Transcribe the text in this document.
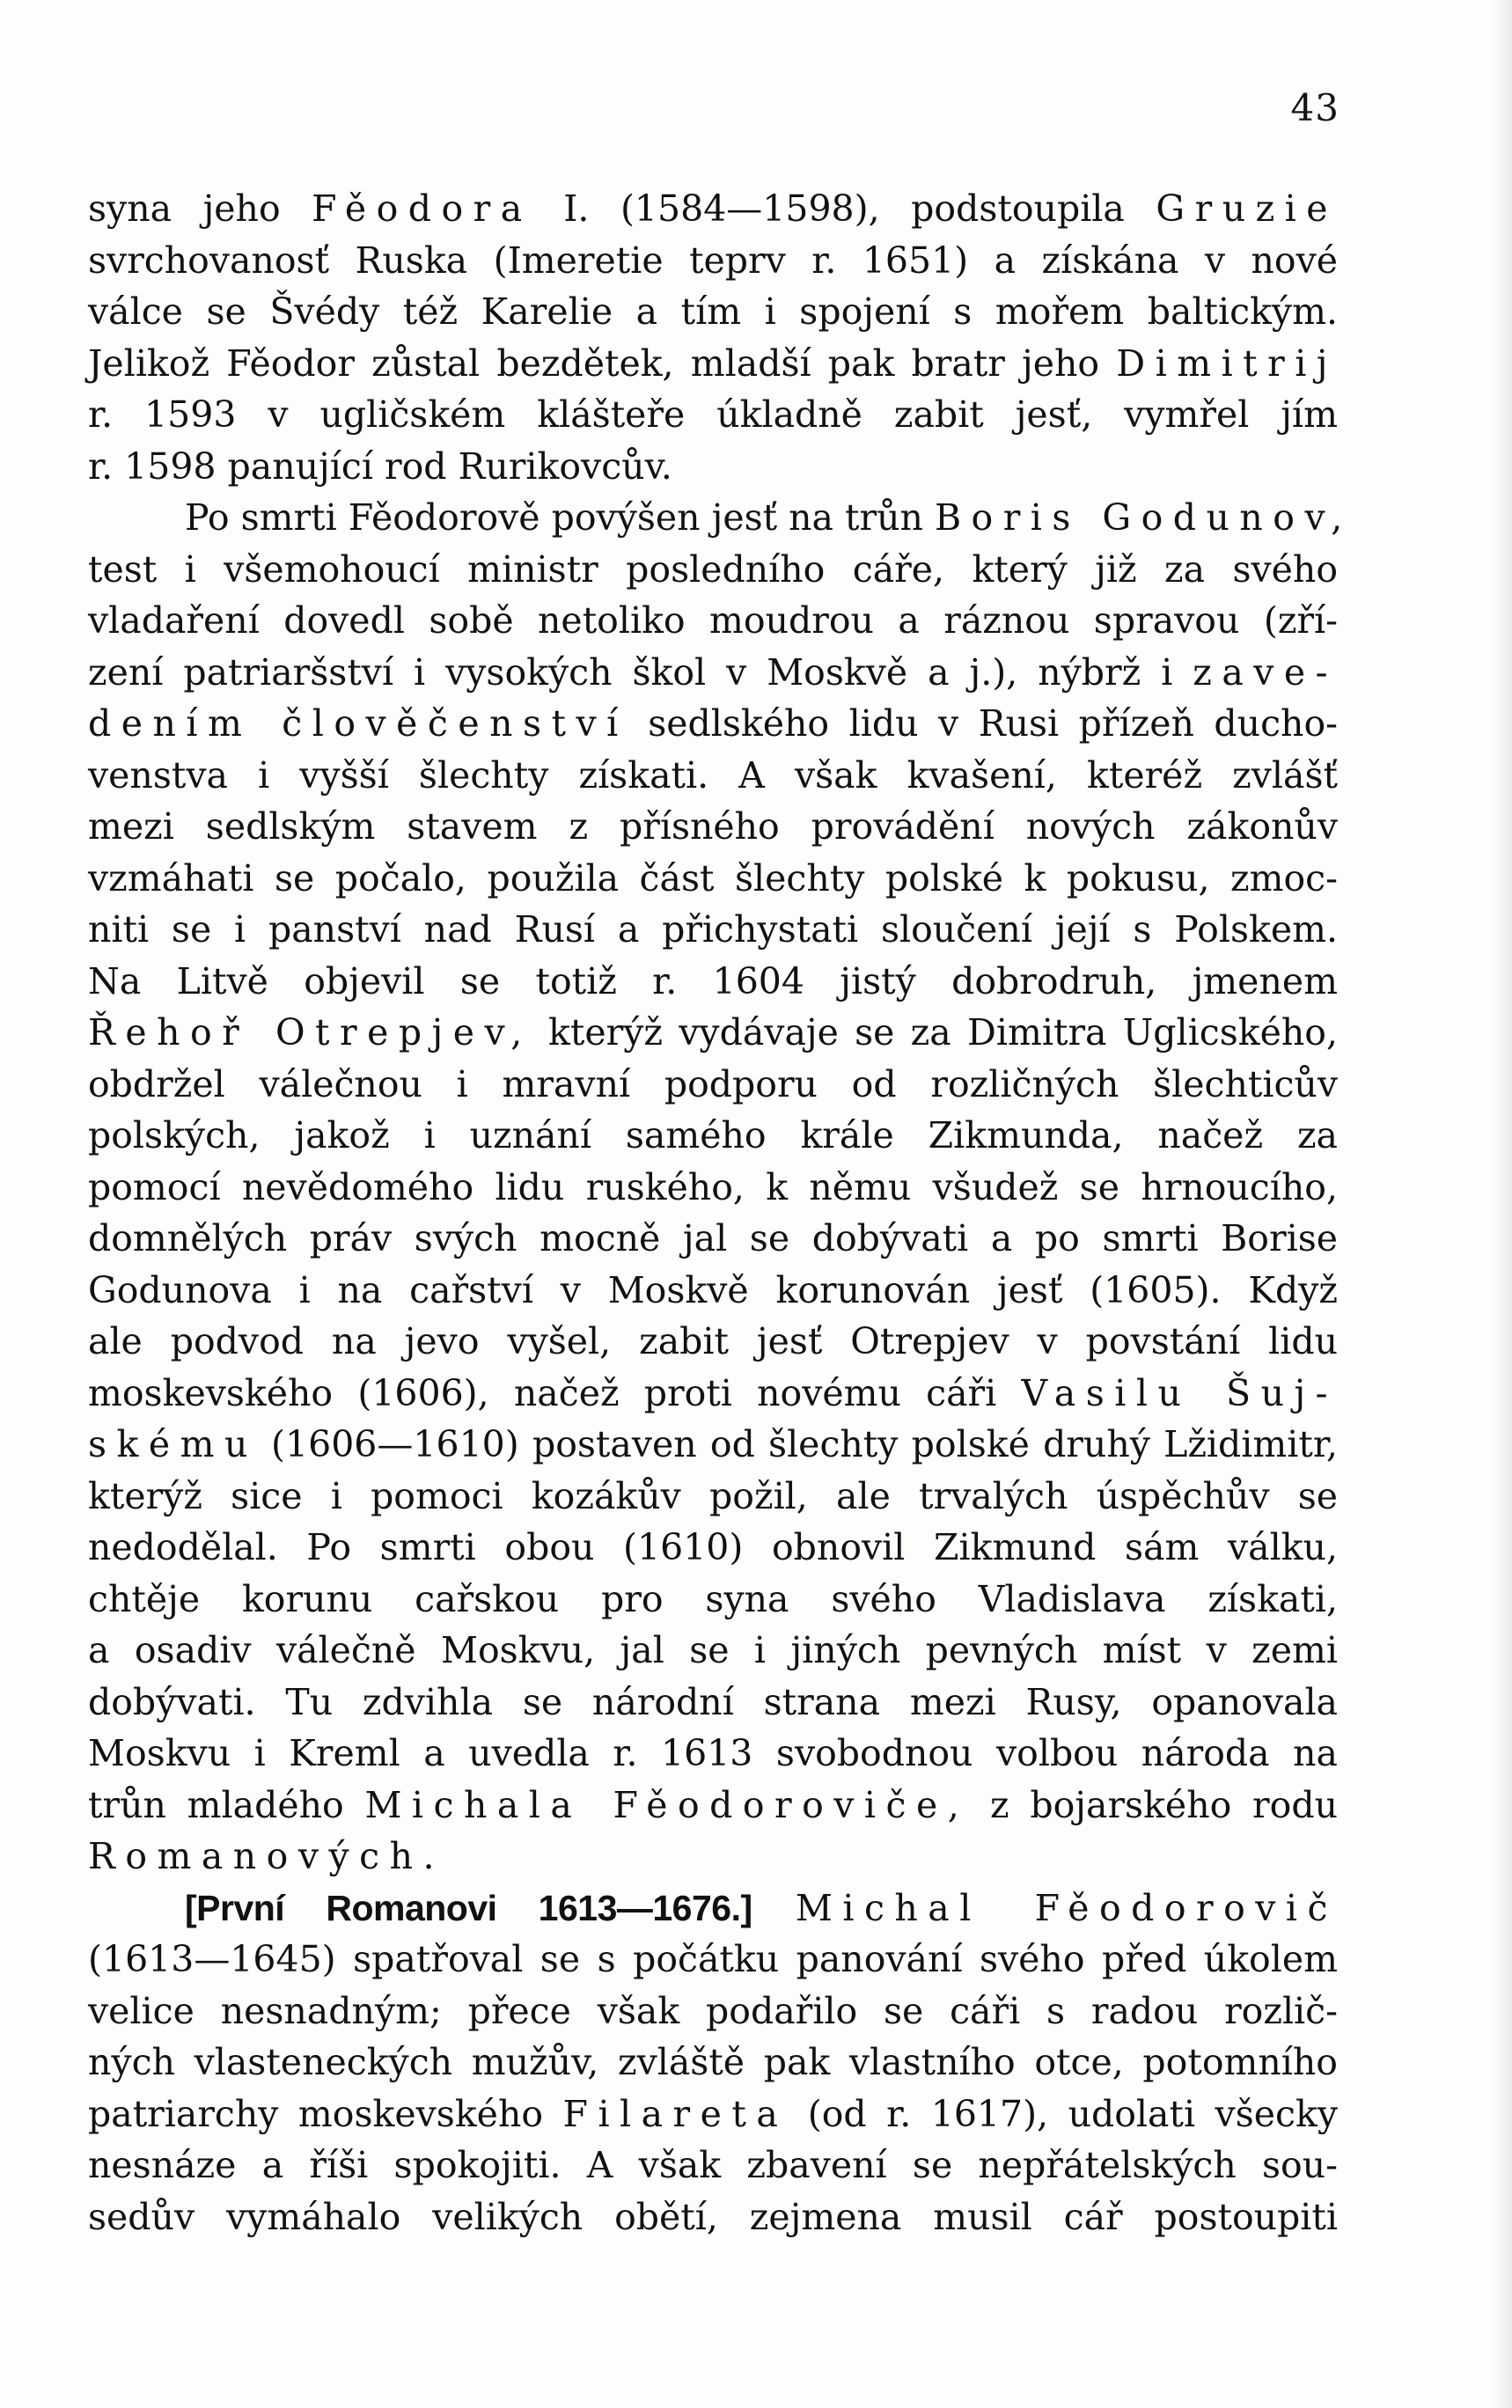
43
syna jeho Fěodora I. (1584—1598), podstoupila Gruzie
svrchovanosť Ruska (Imeretie teprv r. 1651) a získána v nové
válce se Švédy též Karelie a tím i spojení s mořem baltickým.
Jelikož Fěodor zůstal bezdětek, mladší pak bratr jeho Dimitrij
r. 1593 v ugličském klášteře úkladně zabit jesť, vymřel jím
r. 1598 panující rod Rurikovcův.
Po smrti Fěodorově povýšen jesť na trůn Boris Godunov,
test i všemohoucí ministr posledního cáře, který již za svého
vladaření dovedl sobě netoliko moudrou a ráznou spravou (zří-
zení patriaršství i vysokých škol v Moskvě a j.), nýbrž i zave-
dením člověčenství sedlského lidu v Rusi přízeň ducho-
venstva i vyšší šlechty získati. A však kvašení, kteréž zvlášť
mezi sedlským stavem z přísného provádění nových zákonův
vzmáhati se počalo, použila část šlechty polské k pokusu, zmoc-
niti se i panství nad Rusí a přichystati sloučení její s Polskem.
Na Litvě objevil se totiž r. 1604 jistý dobrodruh, jmenem
Řehoř Otrepjev, kterýž vydávaje se za Dimitra Uglicského,
obdržel válečnou i mravní podporu od rozličných šlechticův
polských, jakož i uznání samého krále Zikmunda, načež za
pomocí nevědomého lidu ruského, k němu všudež se hrnoucího,
domnělých práv svých mocně jal se dobývati a po smrti Borise
Godunova i na cařství v Moskvě korunován jesť (1605). Když
ale podvod na jevo vyšel, zabit jesť Otrepjev v povstání lidu
moskevského (1606), načež proti novému cáři Vasilu Šuj-
skému (1606—1610) postaven od šlechty polské druhý Lžidimitr,
kterýž sice i pomoci kozákův požil, ale trvalých úspěchův se
nedodělal. Po smrti obou (1610) obnovil Zikmund sám válku,
chtěje korunu cařskou pro syna svého Vladislava získati,
a osadiv válečně Moskvu, jal se i jiných pevných míst v zemi
dobývati. Tu zdvihla se národní strana mezi Rusy, opanovala
Moskvu i Kreml a uvedla r. 1613 svobodnou volbou národa na
trůn mladého Michala Fěodoroviče, z bojarského rodu
Romanových.
[První Romanovi 1613—1676.] Michal Fěodorovič
(1613—1645) spatřoval se s počátku panování svého před úkolem
velice nesnadným; přece však podařilo se cáři s radou rozlič-
ných vlasteneckých mužův, zvláště pak vlastního otce, potomního
patriarchy moskevského Filareta (od r. 1617), udolati všecky
nesnáze a říši spokojiti. A však zbavení se nepřátelských sou-
sedův vymáhalo velikých obětí, zejmena musil cář postoupiti
